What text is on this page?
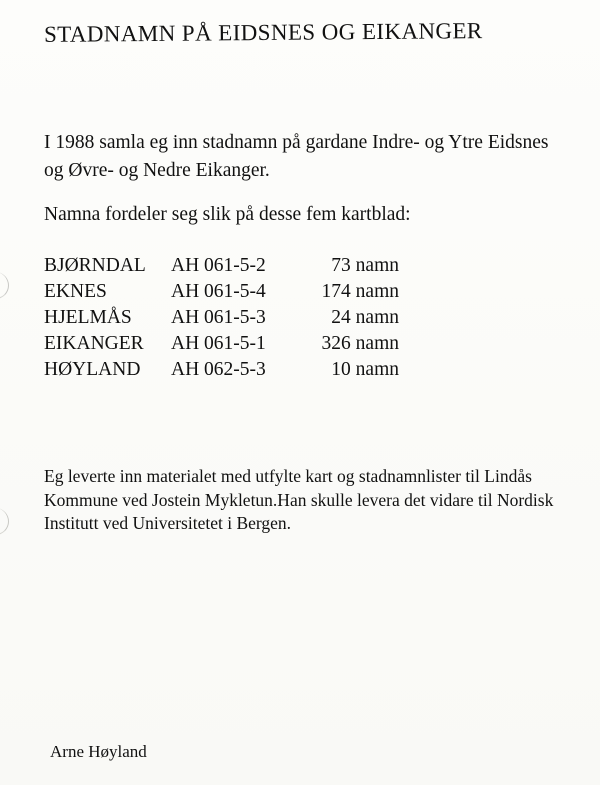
STADNAMN PÅ EIDSNES OG EIKANGER

I 1988 samla eg inn stadnamn på gardane Indre- og Ytre Eidsnes og Øvre- og Nedre Eikanger.

Namna fordeler seg slik på desse fem kartblad:

BJØRNDAL AH 061-5-2	73 namn
EKNES	AH 061-5-4	174 namn
HJELMÅS AH 061-5-3	24 namn
EIKANGER AH 061-5-1	326 namn
HØYLAND AH 062-5-3	10 namn

Eg leverte inn materialet med utfylte kart og stadnamnlister til Lindås Kommune ved Jostein Mykletun.Han skulle levera det vidare til Nordisk Institutt ved Universitetet i Bergen.

Arne Høyland
